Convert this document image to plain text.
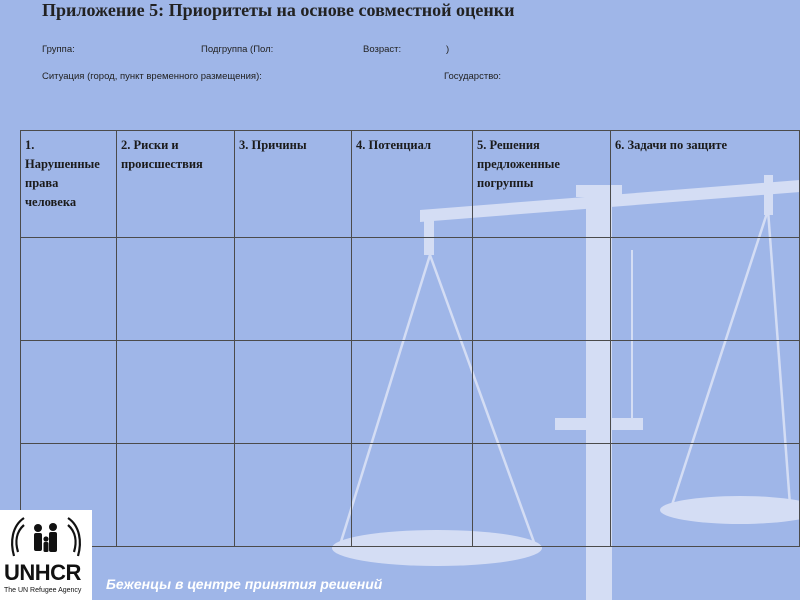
Приложение 5: Приоритеты на основе совместной оценки
Группа:	Подгруппа (Пол:	Возраст:	)
Ситуация (город, пункт временного размещения):	Государство:
1. Нарушенные права человека	2. Риски и происшествия	3. Причины	4. Потенциал	5. Решения предложенные погруппы	6. Задачи по защите

UNHCR
The UN Refugee Agency Беженцы в центре принятия решений
